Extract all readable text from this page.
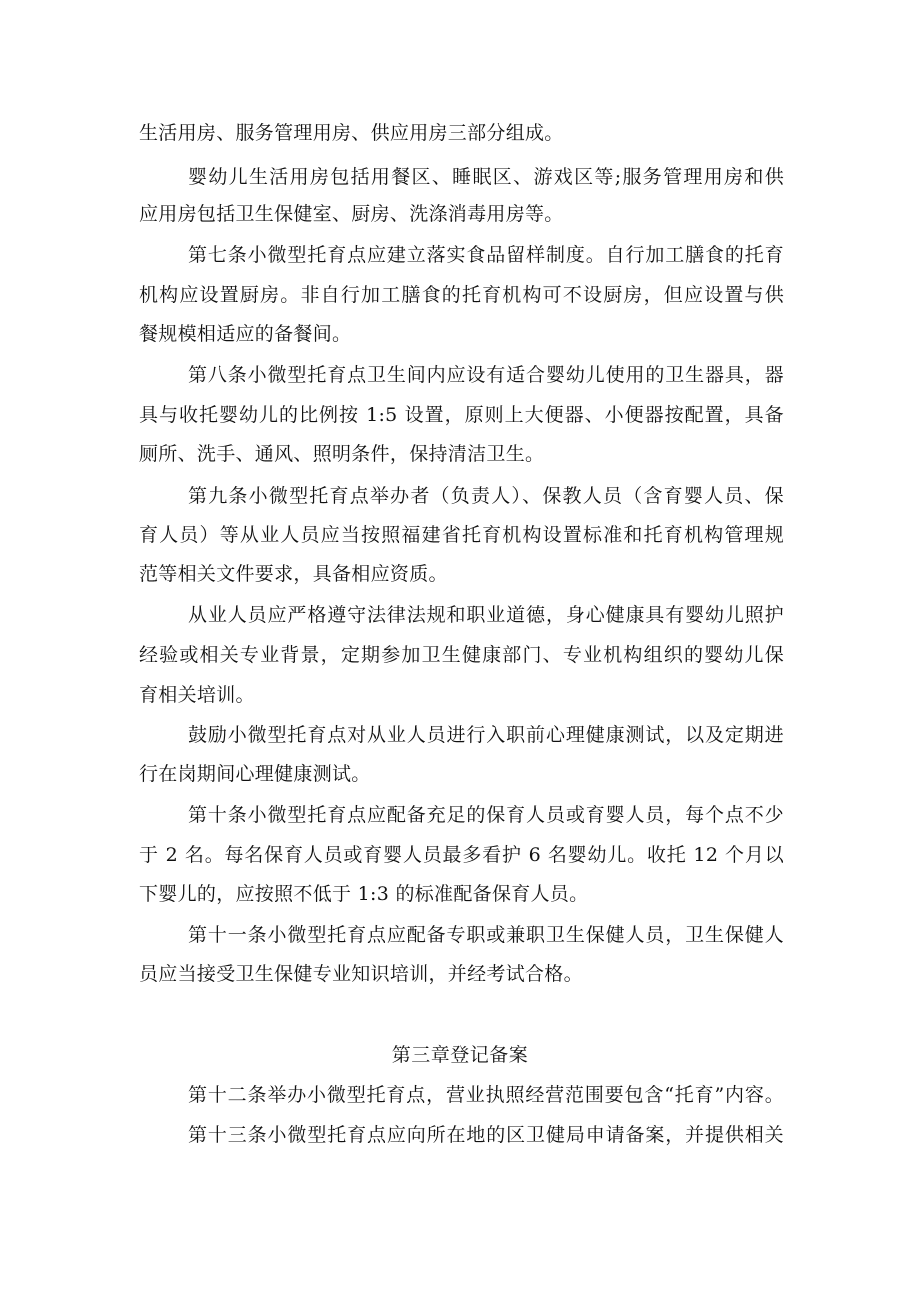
生活用房、服务管理用房、供应用房三部分组成。
婴幼儿生活用房包括用餐区、睡眠区、游戏区等;服务管理用房和供
应用房包括卫生保健室、厨房、洗涤消毒用房等。
第七条小微型托育点应建立落实食品留样制度。自行加工膳食的托育
机构应设置厨房。非自行加工膳食的托育机构可不设厨房，但应设置与供
餐规模相适应的备餐间。
第八条小微型托育点卫生间内应设有适合婴幼儿使用的卫生器具，器
具与收托婴幼儿的比例按 1:5 设置，原则上大便器、小便器按配置，具备
厕所、洗手、通风、照明条件，保持清洁卫生。
第九条小微型托育点举办者（负责人）、保教人员（含育婴人员、保
育人员）等从业人员应当按照福建省托育机构设置标准和托育机构管理规
范等相关文件要求，具备相应资质。
从业人员应严格遵守法律法规和职业道德，身心健康具有婴幼儿照护
经验或相关专业背景，定期参加卫生健康部门、专业机构组织的婴幼儿保
育相关培训。
鼓励小微型托育点对从业人员进行入职前心理健康测试，以及定期进
行在岗期间心理健康测试。
第十条小微型托育点应配备充足的保育人员或育婴人员，每个点不少
于 2 名。每名保育人员或育婴人员最多看护 6 名婴幼儿。收托 12 个月以
下婴儿的，应按照不低于 1:3 的标准配备保育人员。
第十一条小微型托育点应配备专职或兼职卫生保健人员，卫生保健人
员应当接受卫生保健专业知识培训，并经考试合格。
第三章登记备案
第十二条举办小微型托育点，营业执照经营范围要包含“托育”内容。
第十三条小微型托育点应向所在地的区卫健局申请备案，并提供相关
